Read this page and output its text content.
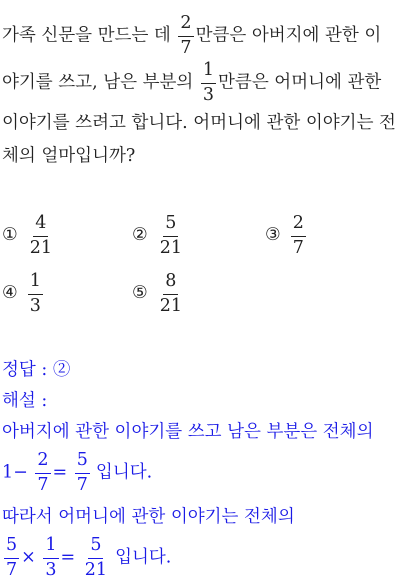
가족 신문을 만드는 데 $\frac{2}{7}$ 만큼은 아버지에 관한 이
야기를 쓰고, 남은 부분의 $\frac{1}{3}$ 만큼은 어머니에 관한
이야기를 쓰려고 합니다. 어머니에 관한 이야기는 전
체의 얼마입니까?
① $\frac{4}{21}$	② $\frac{5}{21}$	③ $\frac{2}{7}$
④ $\frac{1}{3}$	⑤ $\frac{8}{21}$
정답 : ②
해설 :
아버지에 관한 이야기를 쓰고 남은 부분은 전체의
$1- \frac{2}{7} = \frac{5}{7}$ 입니다.
따라서 어머니에 관한 이야기는 전체의
$\frac{5}{7} \times \frac{1}{3} = \frac{5}{21}$ 입니다.
